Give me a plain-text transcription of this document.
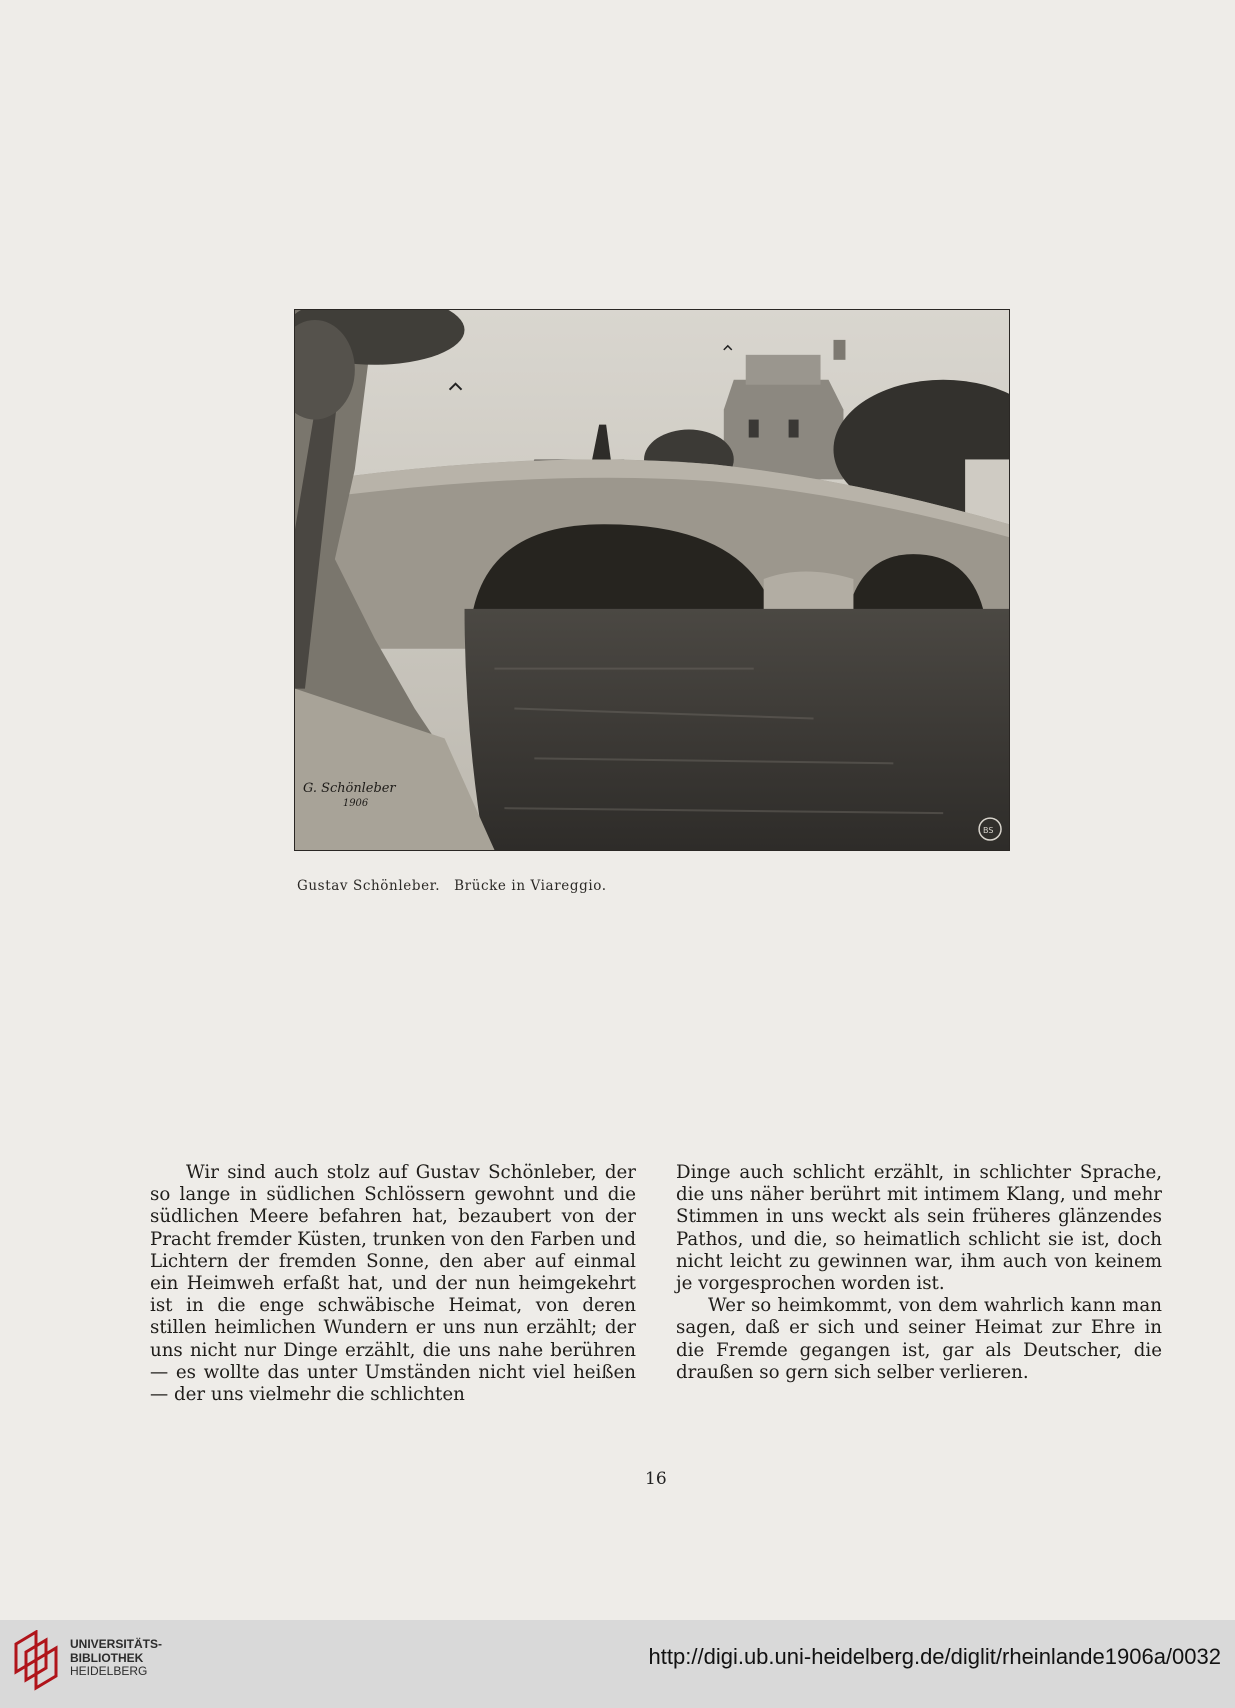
G. Schönleber
1906
BS
Gustav Schönleber. Brücke in Viareggio.

Wir sind auch stolz auf Gustav Schönleber, der so lange in südlichen Schlössern gewohnt und die südlichen Meere befahren hat, bezaubert von der Pracht fremder Küsten, trunken von den Farben und Lichtern der fremden Sonne, den aber auf einmal ein Heimweh erfaßt hat, und der nun heimgekehrt ist in die enge schwäbische Heimat, von deren stillen heimlichen Wundern er uns nun erzählt; der uns nicht nur Dinge erzählt, die uns nahe berühren — es wollte das unter Umständen nicht viel heißen — der uns vielmehr die schlichten

Dinge auch schlicht erzählt, in schlichter Sprache, die uns näher berührt mit intimem Klang, und mehr Stimmen in uns weckt als sein früheres glänzendes Pathos, und die, so heimatlich schlicht sie ist, doch nicht leicht zu gewinnen war, ihm auch von keinem je vorgesprochen worden ist.

Wer so heimkommt, von dem wahrlich kann man sagen, daß er sich und seiner Heimat zur Ehre in die Fremde gegangen ist, gar als Deutscher, die draußen so gern sich selber verlieren.

16
UNIVERSITÄTS-
BIBLIOTHEK
HEIDELBERG
http://digi.ub.uni-heidelberg.de/diglit/rheinlande1906a/0032
